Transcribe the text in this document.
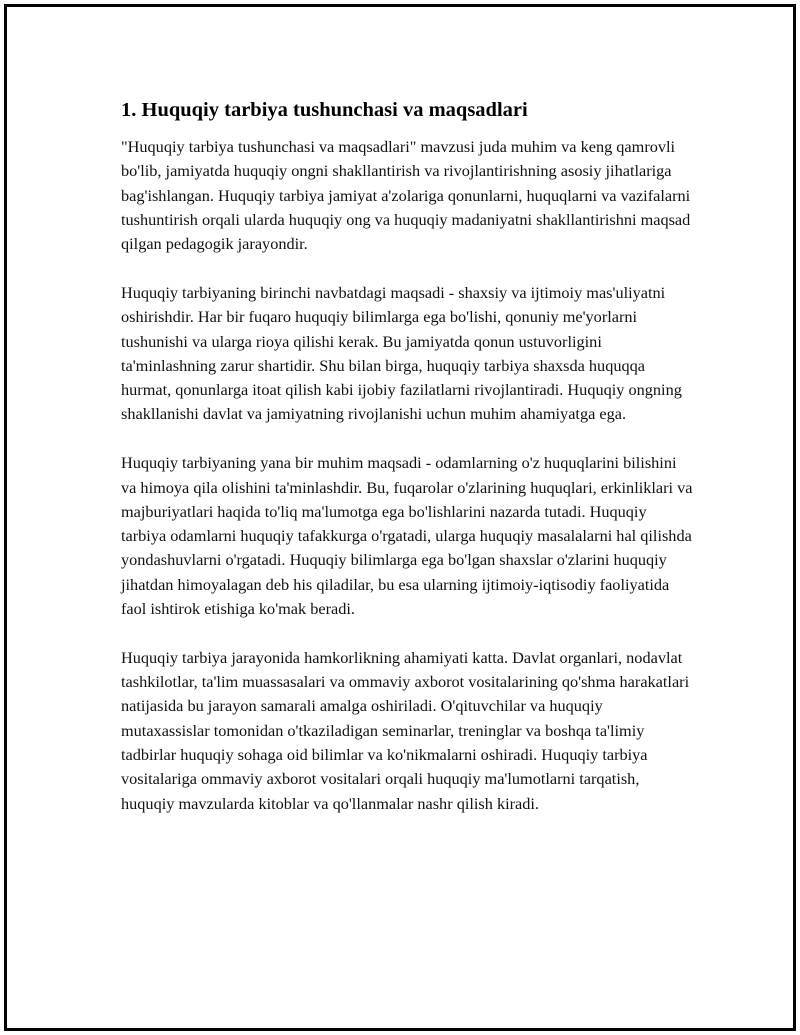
1. Huquqiy tarbiya tushunchasi va maqsadlari

"Huquqiy tarbiya tushunchasi va maqsadlari" mavzusi juda muhim va keng qamrovli bo'lib, jamiyatda huquqiy ongni shakllantirish va rivojlantirishning asosiy jihatlariga bag'ishlangan. Huquqiy tarbiya jamiyat a'zolariga qonunlarni, huquqlarni va vazifalarni tushuntirish orqali ularda huquqiy ong va huquqiy madaniyatni shakllantirishni maqsad qilgan pedagogik jarayondir.

Huquqiy tarbiyaning birinchi navbatdagi maqsadi - shaxsiy va ijtimoiy mas'uliyatni oshirishdir. Har bir fuqaro huquqiy bilimlarga ega bo'lishi, qonuniy me'yorlarni tushunishi va ularga rioya qilishi kerak. Bu jamiyatda qonun ustuvorligini ta'minlashning zarur shartidir. Shu bilan birga, huquqiy tarbiya shaxsda huquqqa hurmat, qonunlarga itoat qilish kabi ijobiy fazilatlarni rivojlantiradi. Huquqiy ongning shakllanishi davlat va jamiyatning rivojlanishi uchun muhim ahamiyatga ega.

Huquqiy tarbiyaning yana bir muhim maqsadi - odamlarning o'z huquqlarini bilishini va himoya qila olishini ta'minlashdir. Bu, fuqarolar o'zlarining huquqlari, erkinliklari va majburiyatlari haqida to'liq ma'lumotga ega bo'lishlarini nazarda tutadi. Huquqiy tarbiya odamlarni huquqiy tafakkurga o'rgatadi, ularga huquqiy masalalarni hal qilishda yondashuvlarni o'rgatadi. Huquqiy bilimlarga ega bo'lgan shaxslar o'zlarini huquqiy jihatdan himoyalagan deb his qiladilar, bu esa ularning ijtimoiy-iqtisodiy faoliyatida faol ishtirok etishiga ko'mak beradi.

Huquqiy tarbiya jarayonida hamkorlikning ahamiyati katta. Davlat organlari, nodavlat tashkilotlar, ta'lim muassasalari va ommaviy axborot vositalarining qo'shma harakatlari natijasida bu jarayon samarali amalga oshiriladi. O'qituvchilar va huquqiy mutaxassislar tomonidan o'tkaziladigan seminarlar, treninglar va boshqa ta'limiy tadbirlar huquqiy sohaga oid bilimlar va ko'nikmalarni oshiradi. Huquqiy tarbiya vositalariga ommaviy axborot vositalari orqali huquqiy ma'lumotlarni tarqatish, huquqiy mavzularda kitoblar va qo'llanmalar nashr qilish kiradi.
